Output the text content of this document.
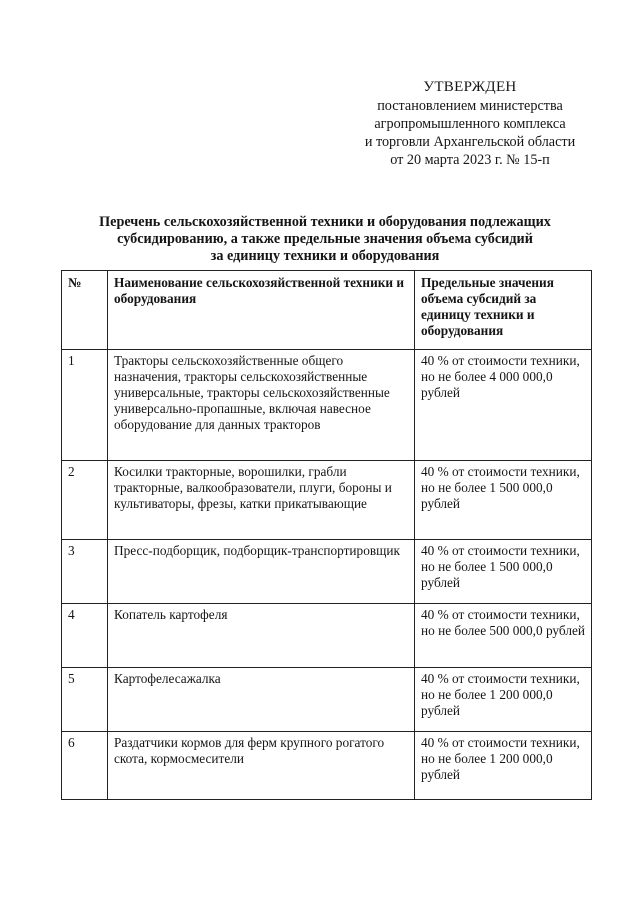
УТВЕРЖДЕН
постановлением министерства
агропромышленного комплекса
и торговли Архангельской области
от 20 марта 2023 г. № 15-п
Перечень сельскохозяйственной техники и оборудования подлежащих
субсидированию, а также предельные значения объема субсидий
за единицу техники и оборудования
№	Наименование сельскохозяйственной техники и оборудования	Предельные значения объема субсидий за единицу техники и оборудования
1	Тракторы сельскохозяйственные общего назначения, тракторы сельскохозяйственные универсальные, тракторы сельскохозяйственные универсально-пропашные, включая навесное оборудование для данных тракторов	40 % от стоимости техники, но не более 4 000 000,0 рублей
2	Косилки тракторные, ворошилки, грабли тракторные, валкообразователи, плуги, бороны и культиваторы, фрезы, катки прикатывающие	40 % от стоимости техники, но не более 1 500 000,0 рублей
3	Пресс-подборщик, подборщик-транспортировщик	40 % от стоимости техники, но не более 1 500 000,0 рублей
4	Копатель картофеля	40 % от стоимости техники, но не более 500 000,0 рублей
5	Картофелесажалка	40 % от стоимости техники, но не более 1 200 000,0 рублей
6	Раздатчики кормов для ферм крупного рогатого скота, кормосмесители	40 % от стоимости техники, но не более 1 200 000,0 рублей
